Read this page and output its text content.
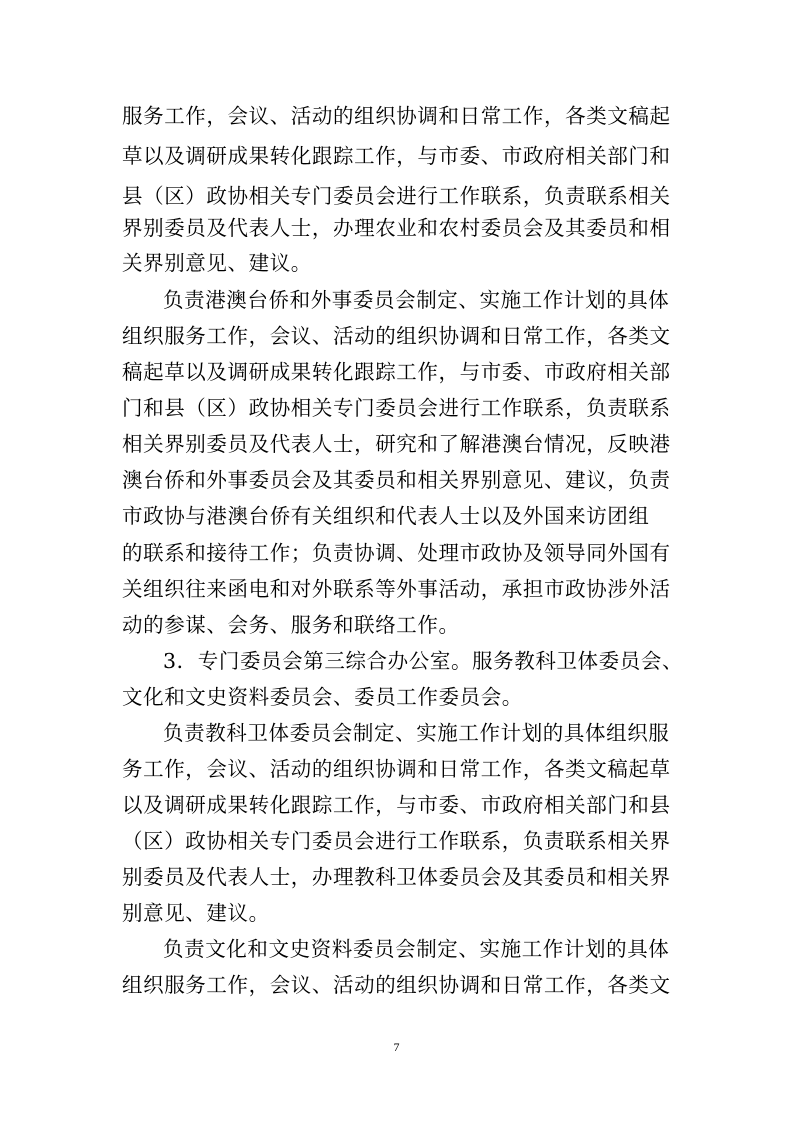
服务工作，会议、活动的组织协调和日常工作，各类文稿起
草以及调研成果转化跟踪工作，与市委、市政府相关部门和
县（区）政协相关专门委员会进行工作联系，负责联系相关
界别委员及代表人士，办理农业和农村委员会及其委员和相
关界别意见、建议。
负责港澳台侨和外事委员会制定、实施工作计划的具体
组织服务工作，会议、活动的组织协调和日常工作，各类文
稿起草以及调研成果转化跟踪工作，与市委、市政府相关部
门和县（区）政协相关专门委员会进行工作联系，负责联系
相关界别委员及代表人士，研究和了解港澳台情况，反映港
澳台侨和外事委员会及其委员和相关界别意见、建议，负责
市政协与港澳台侨有关组织和代表人士以及外国来访团组
的联系和接待工作；负责协调、处理市政协及领导同外国有
关组织往来函电和对外联系等外事活动，承担市政协涉外活
动的参谋、会务、服务和联络工作。
3．专门委员会第三综合办公室。服务教科卫体委员会、
文化和文史资料委员会、委员工作委员会。
负责教科卫体委员会制定、实施工作计划的具体组织服
务工作，会议、活动的组织协调和日常工作，各类文稿起草
以及调研成果转化跟踪工作，与市委、市政府相关部门和县
（区）政协相关专门委员会进行工作联系，负责联系相关界
别委员及代表人士，办理教科卫体委员会及其委员和相关界
别意见、建议。
负责文化和文史资料委员会制定、实施工作计划的具体
组织服务工作，会议、活动的组织协调和日常工作，各类文
7
